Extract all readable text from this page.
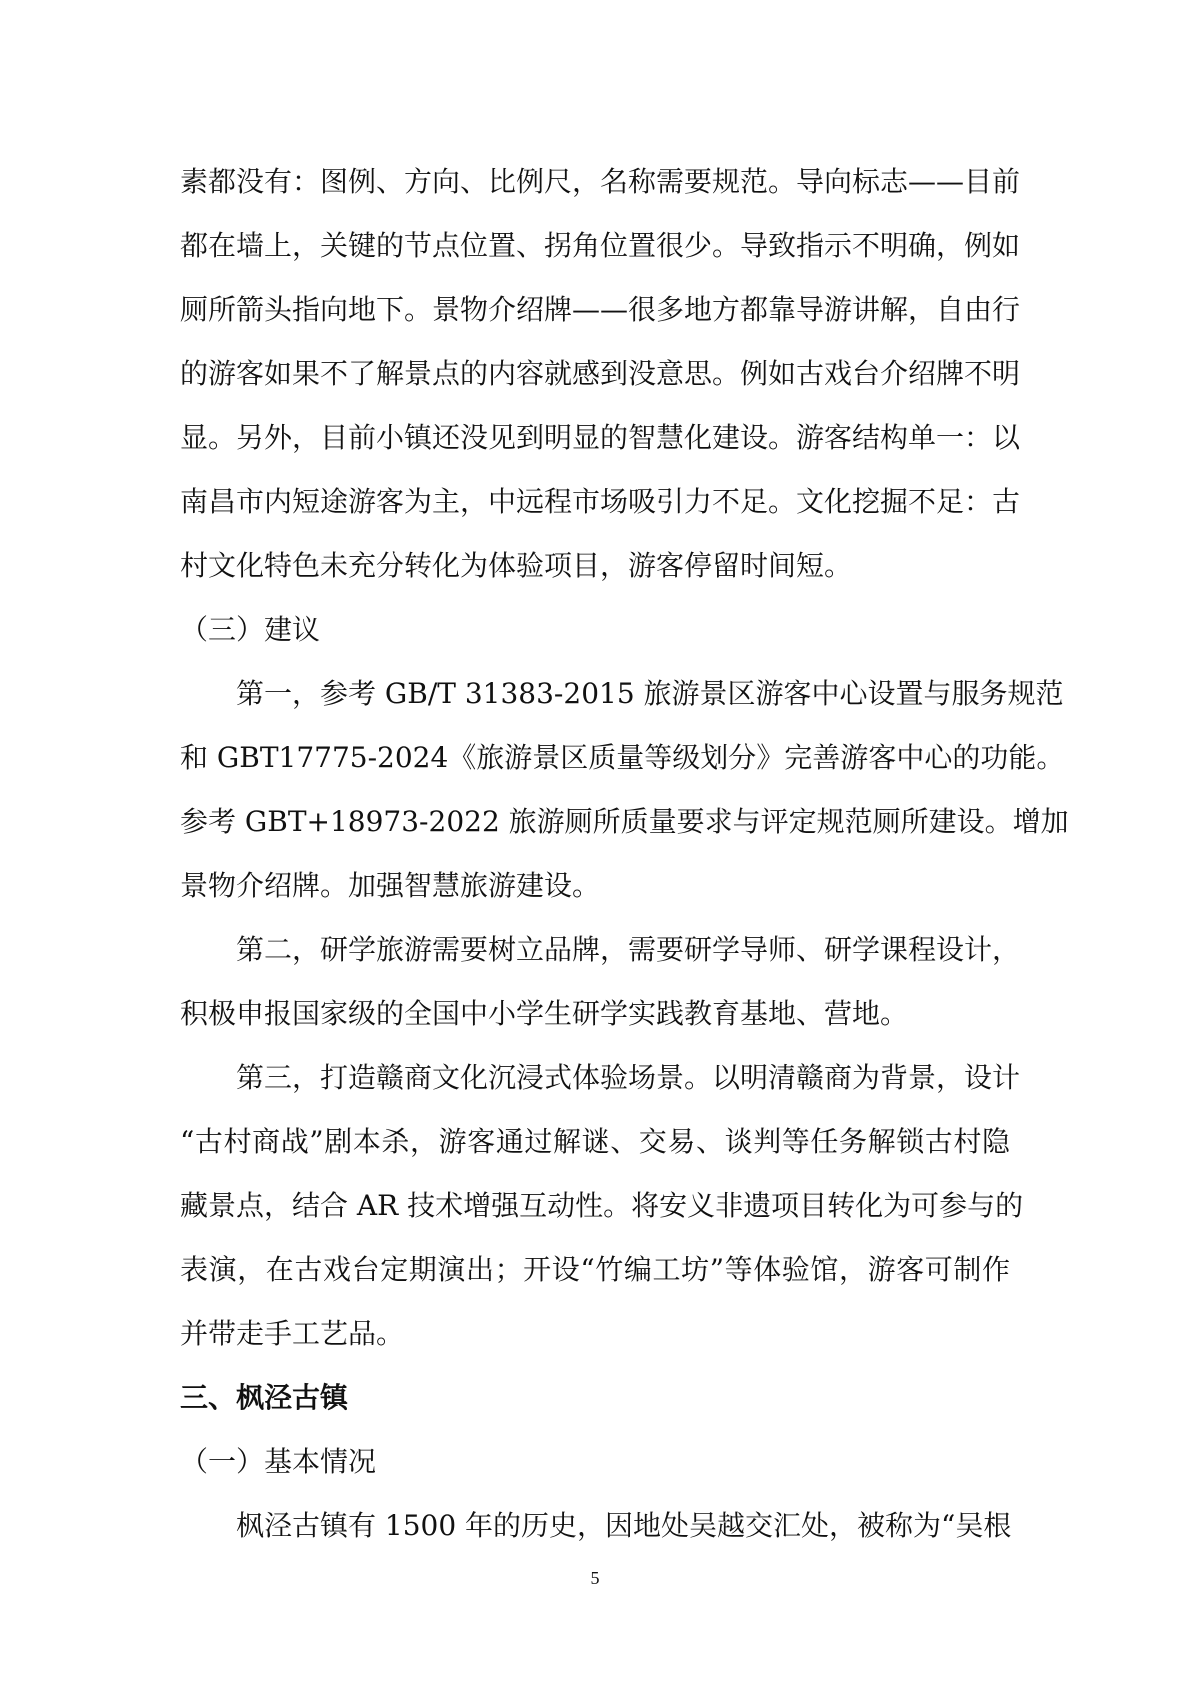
素都没有：图例、方向、比例尺，名称需要规范。导向标志——目前
都在墙上，关键的节点位置、拐角位置很少。导致指示不明确，例如
厕所箭头指向地下。景物介绍牌——很多地方都靠导游讲解，自由行
的游客如果不了解景点的内容就感到没意思。例如古戏台介绍牌不明
显。另外，目前小镇还没见到明显的智慧化建设。游客结构单一：以
南昌市内短途游客为主，中远程市场吸引力不足。文化挖掘不足：古
村文化特色未充分转化为体验项目，游客停留时间短。
（三）建议
第一，参考 GB/T 31383-2015 旅游景区游客中心设置与服务规范
和 GBT17775-2024《旅游景区质量等级划分》完善游客中心的功能。
参考 GBT+18973-2022 旅游厕所质量要求与评定规范厕所建设。增加
景物介绍牌。加强智慧旅游建设。
第二，研学旅游需要树立品牌，需要研学导师、研学课程设计，
积极申报国家级的全国中小学生研学实践教育基地、营地。
第三，打造赣商文化沉浸式体验场景。以明清赣商为背景，设计
“古村商战”剧本杀，游客通过解谜、交易、谈判等任务解锁古村隐
藏景点，结合 AR 技术增强互动性。将安义非遗项目转化为可参与的
表演，在古戏台定期演出；开设“竹编工坊”等体验馆，游客可制作
并带走手工艺品。
三、枫泾古镇
（一）基本情况
枫泾古镇有 1500 年的历史，因地处吴越交汇处，被称为“吴根
5
